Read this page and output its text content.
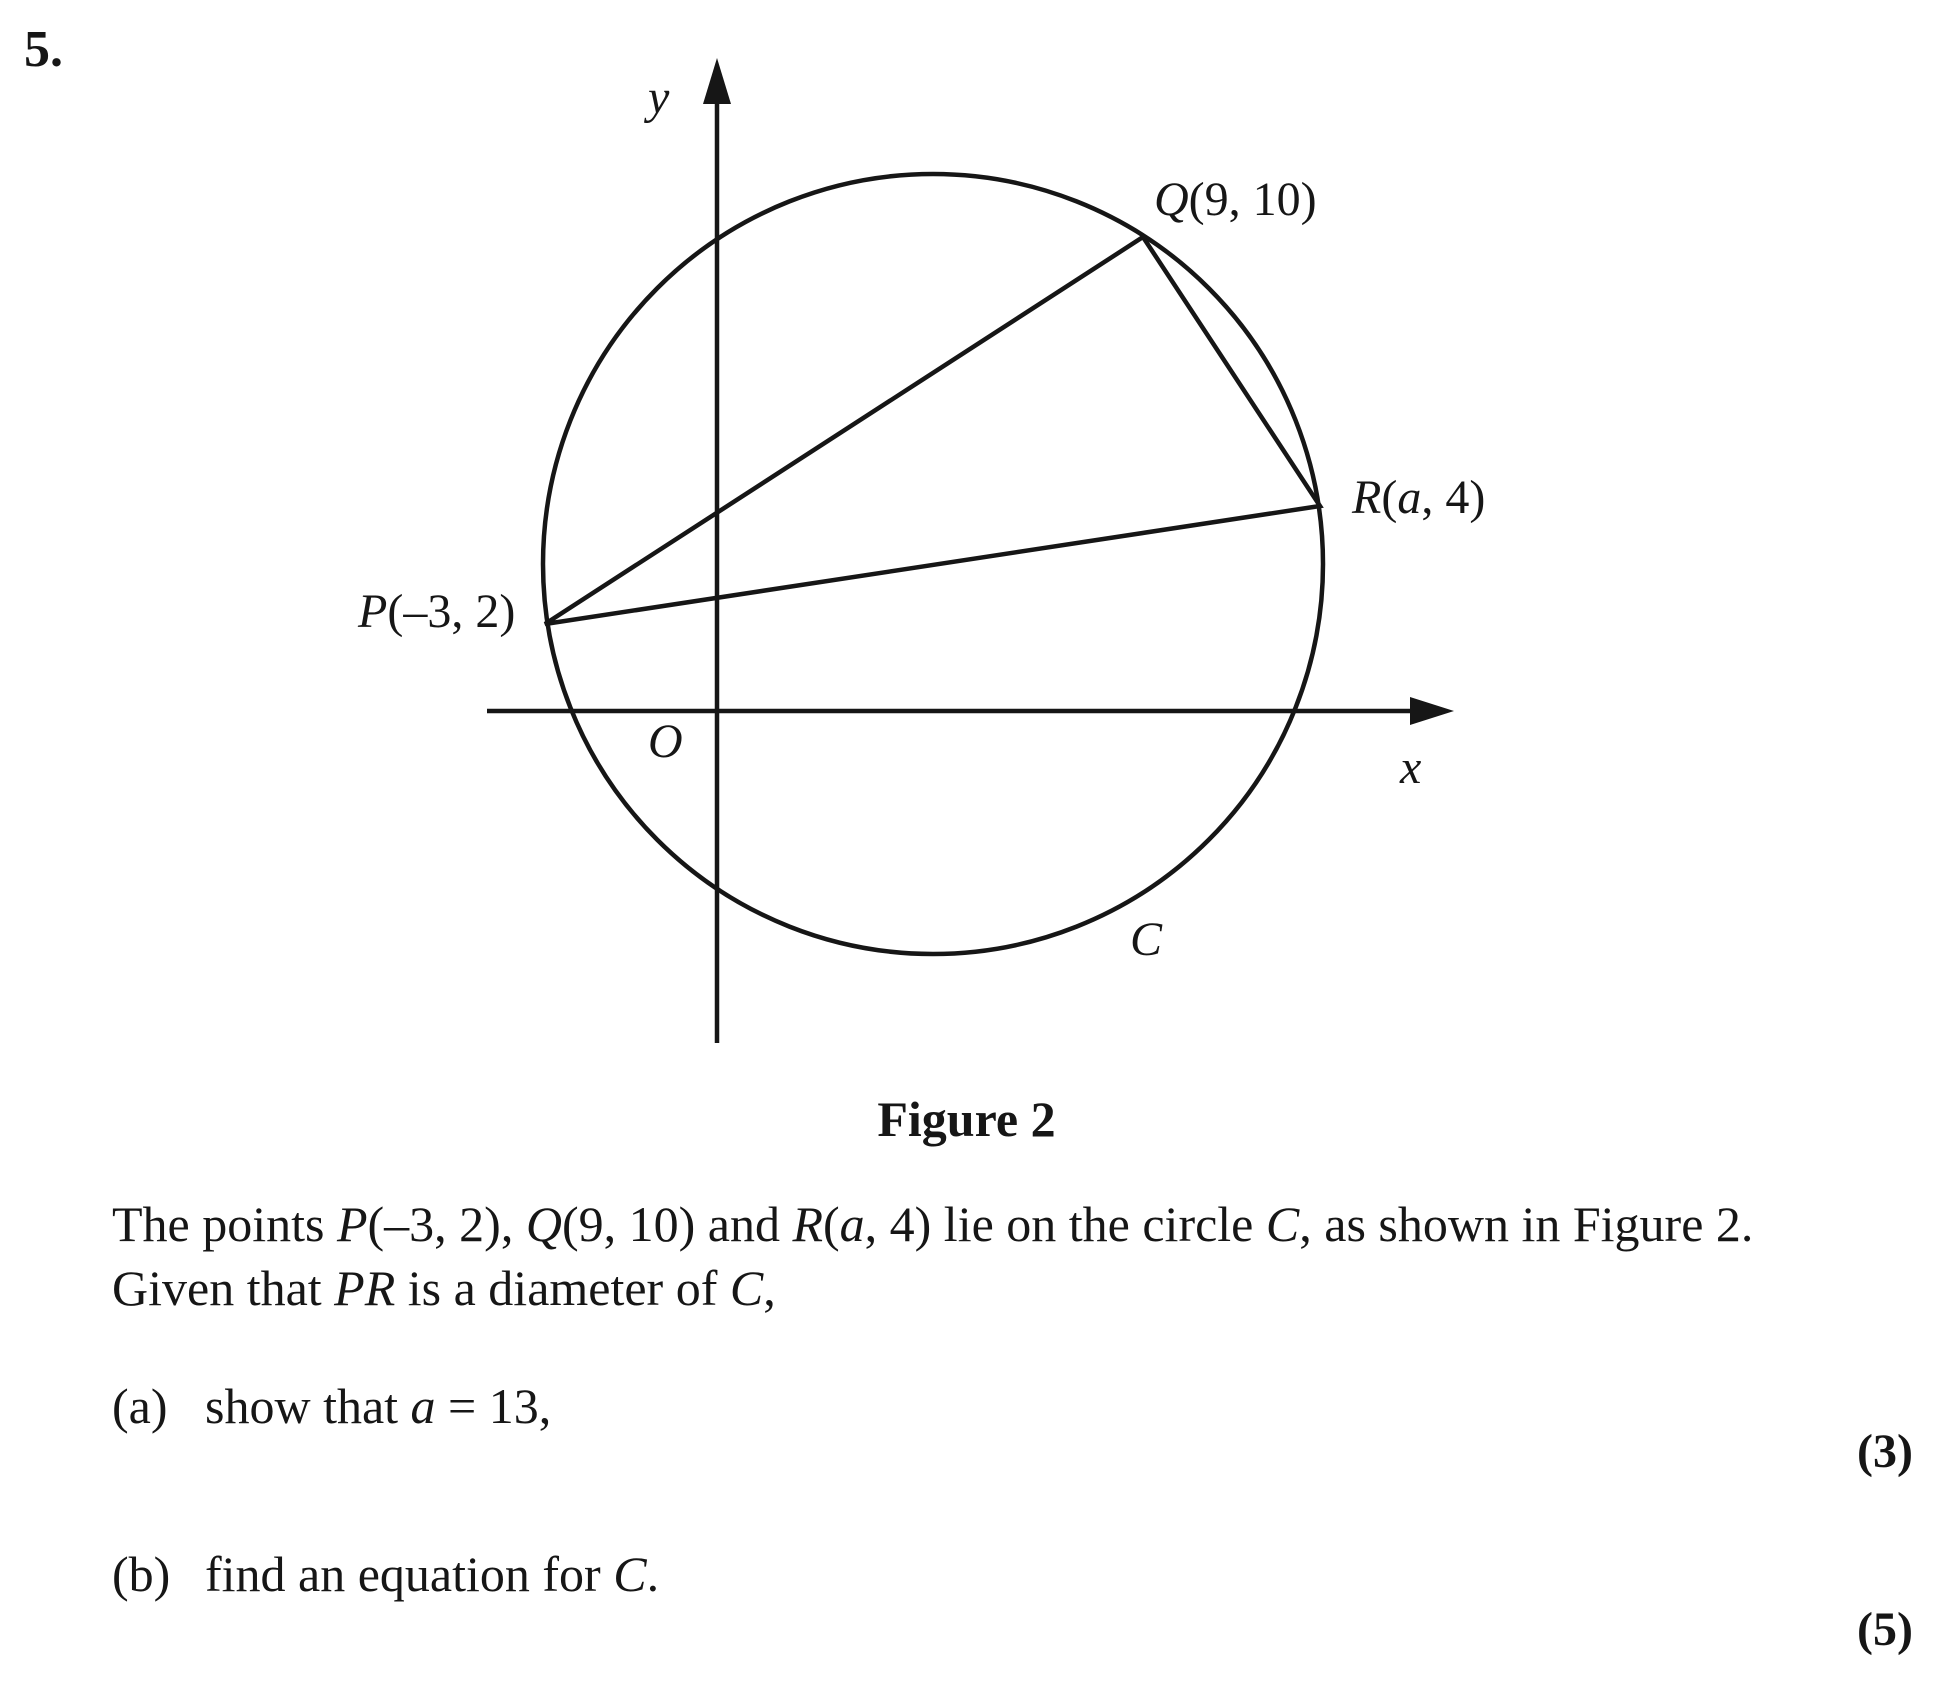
5.
y
x
O
Q(9, 10)
R(a, 4)
P(–3, 2)
C
Figure 2
The points P(–3, 2), Q(9, 10) and R(a, 4) lie on the circle C, as shown in Figure 2.
Given that PR is a diameter of C,
(a) show that a = 13,
(3)
(b) find an equation for C.
(5)
